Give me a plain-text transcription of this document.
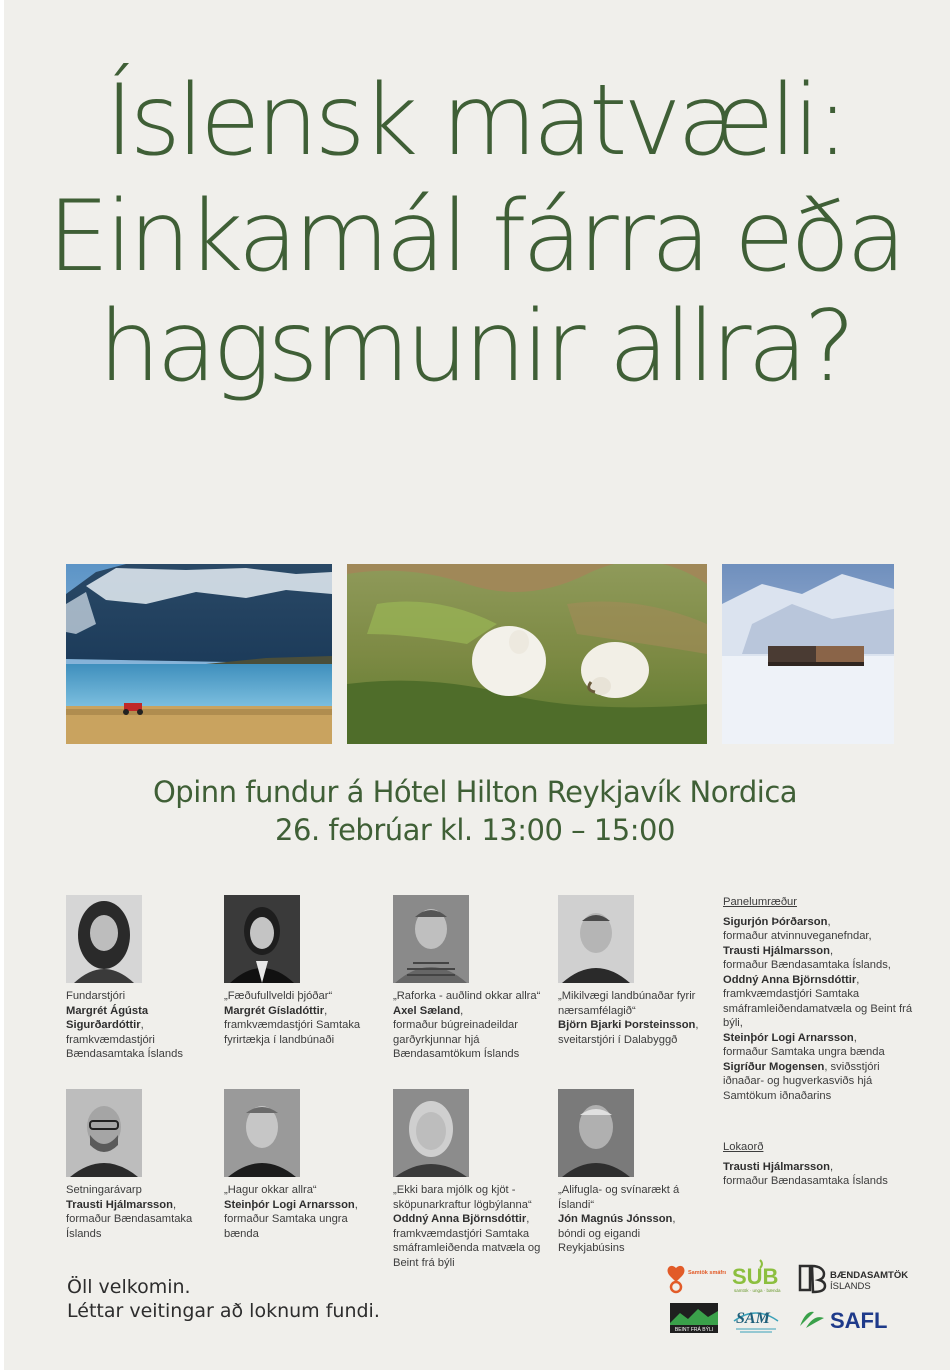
Íslensk matvæli:
Einkamál fárra eða
hagsmunir allra?
Opinn fundur á Hótel Hilton Reykjavík Nordica
26. febrúar kl. 13:00 – 15:00
Fundarstjóri
Margrét Ágústa Sigurðardóttir,
framkvæmdastjóri Bændasamtaka Íslands
„Fæðufullveldi þjóðar“
Margrét Gísladóttir,
framkvæmdastjóri Samtaka fyrirtækja í landbúnaði
„Raforka - auðlind okkar allra“
Axel Sæland,
formaður búgreinadeildar garðyrkjunnar hjá Bændasamtökum Íslands
„Mikilvægi landbúnaðar fyrir nærsamfélagið“
Björn Bjarki Þorsteinsson,
sveitarstjóri í Dalabyggð
Setningarávarp
Trausti Hjálmarsson,
formaður Bændasamtaka Íslands
„Hagur okkar allra“
Steinþór Logi Arnarsson,
formaður Samtaka ungra bænda
„Ekki bara mjólk og kjöt - sköpunarkraftur lögbýlanna“
Oddný Anna Björnsdóttir,
framkvæmdastjóri Samtaka smáframleiðenda matvæla og Beint frá býli
„Alifugla- og svínarækt á Íslandi“
Jón Magnús Jónsson,
bóndi og eigandi Reykjabúsins
Panelumræður
Sigurjón Þórðarson,
formaður atvinnuveganefndar,
Trausti Hjálmarsson,
formaður Bændasamtaka Íslands,
Oddný Anna Björnsdóttir,
framkvæmdastjóri Samtaka smáframleiðendamatvæla og Beint frá býli,
Steinþór Logi Arnarsson,
formaður Samtaka ungra bænda
Sigríður Mogensen, sviðsstjóri iðnaðar- og hugverkasviðs hjá Samtökum iðnaðarins
Lokaorð
Trausti Hjálmarsson,
formaður Bændasamtaka Íslands
Öll velkomin.
Léttar veitingar að loknum fundi.
Samtök smáfr SUB
samtök · unga · bænda
BÆNDASAMTÖK
ÍSLANDS
BEINT FRÁ BÝLI
SAM	SAFL
